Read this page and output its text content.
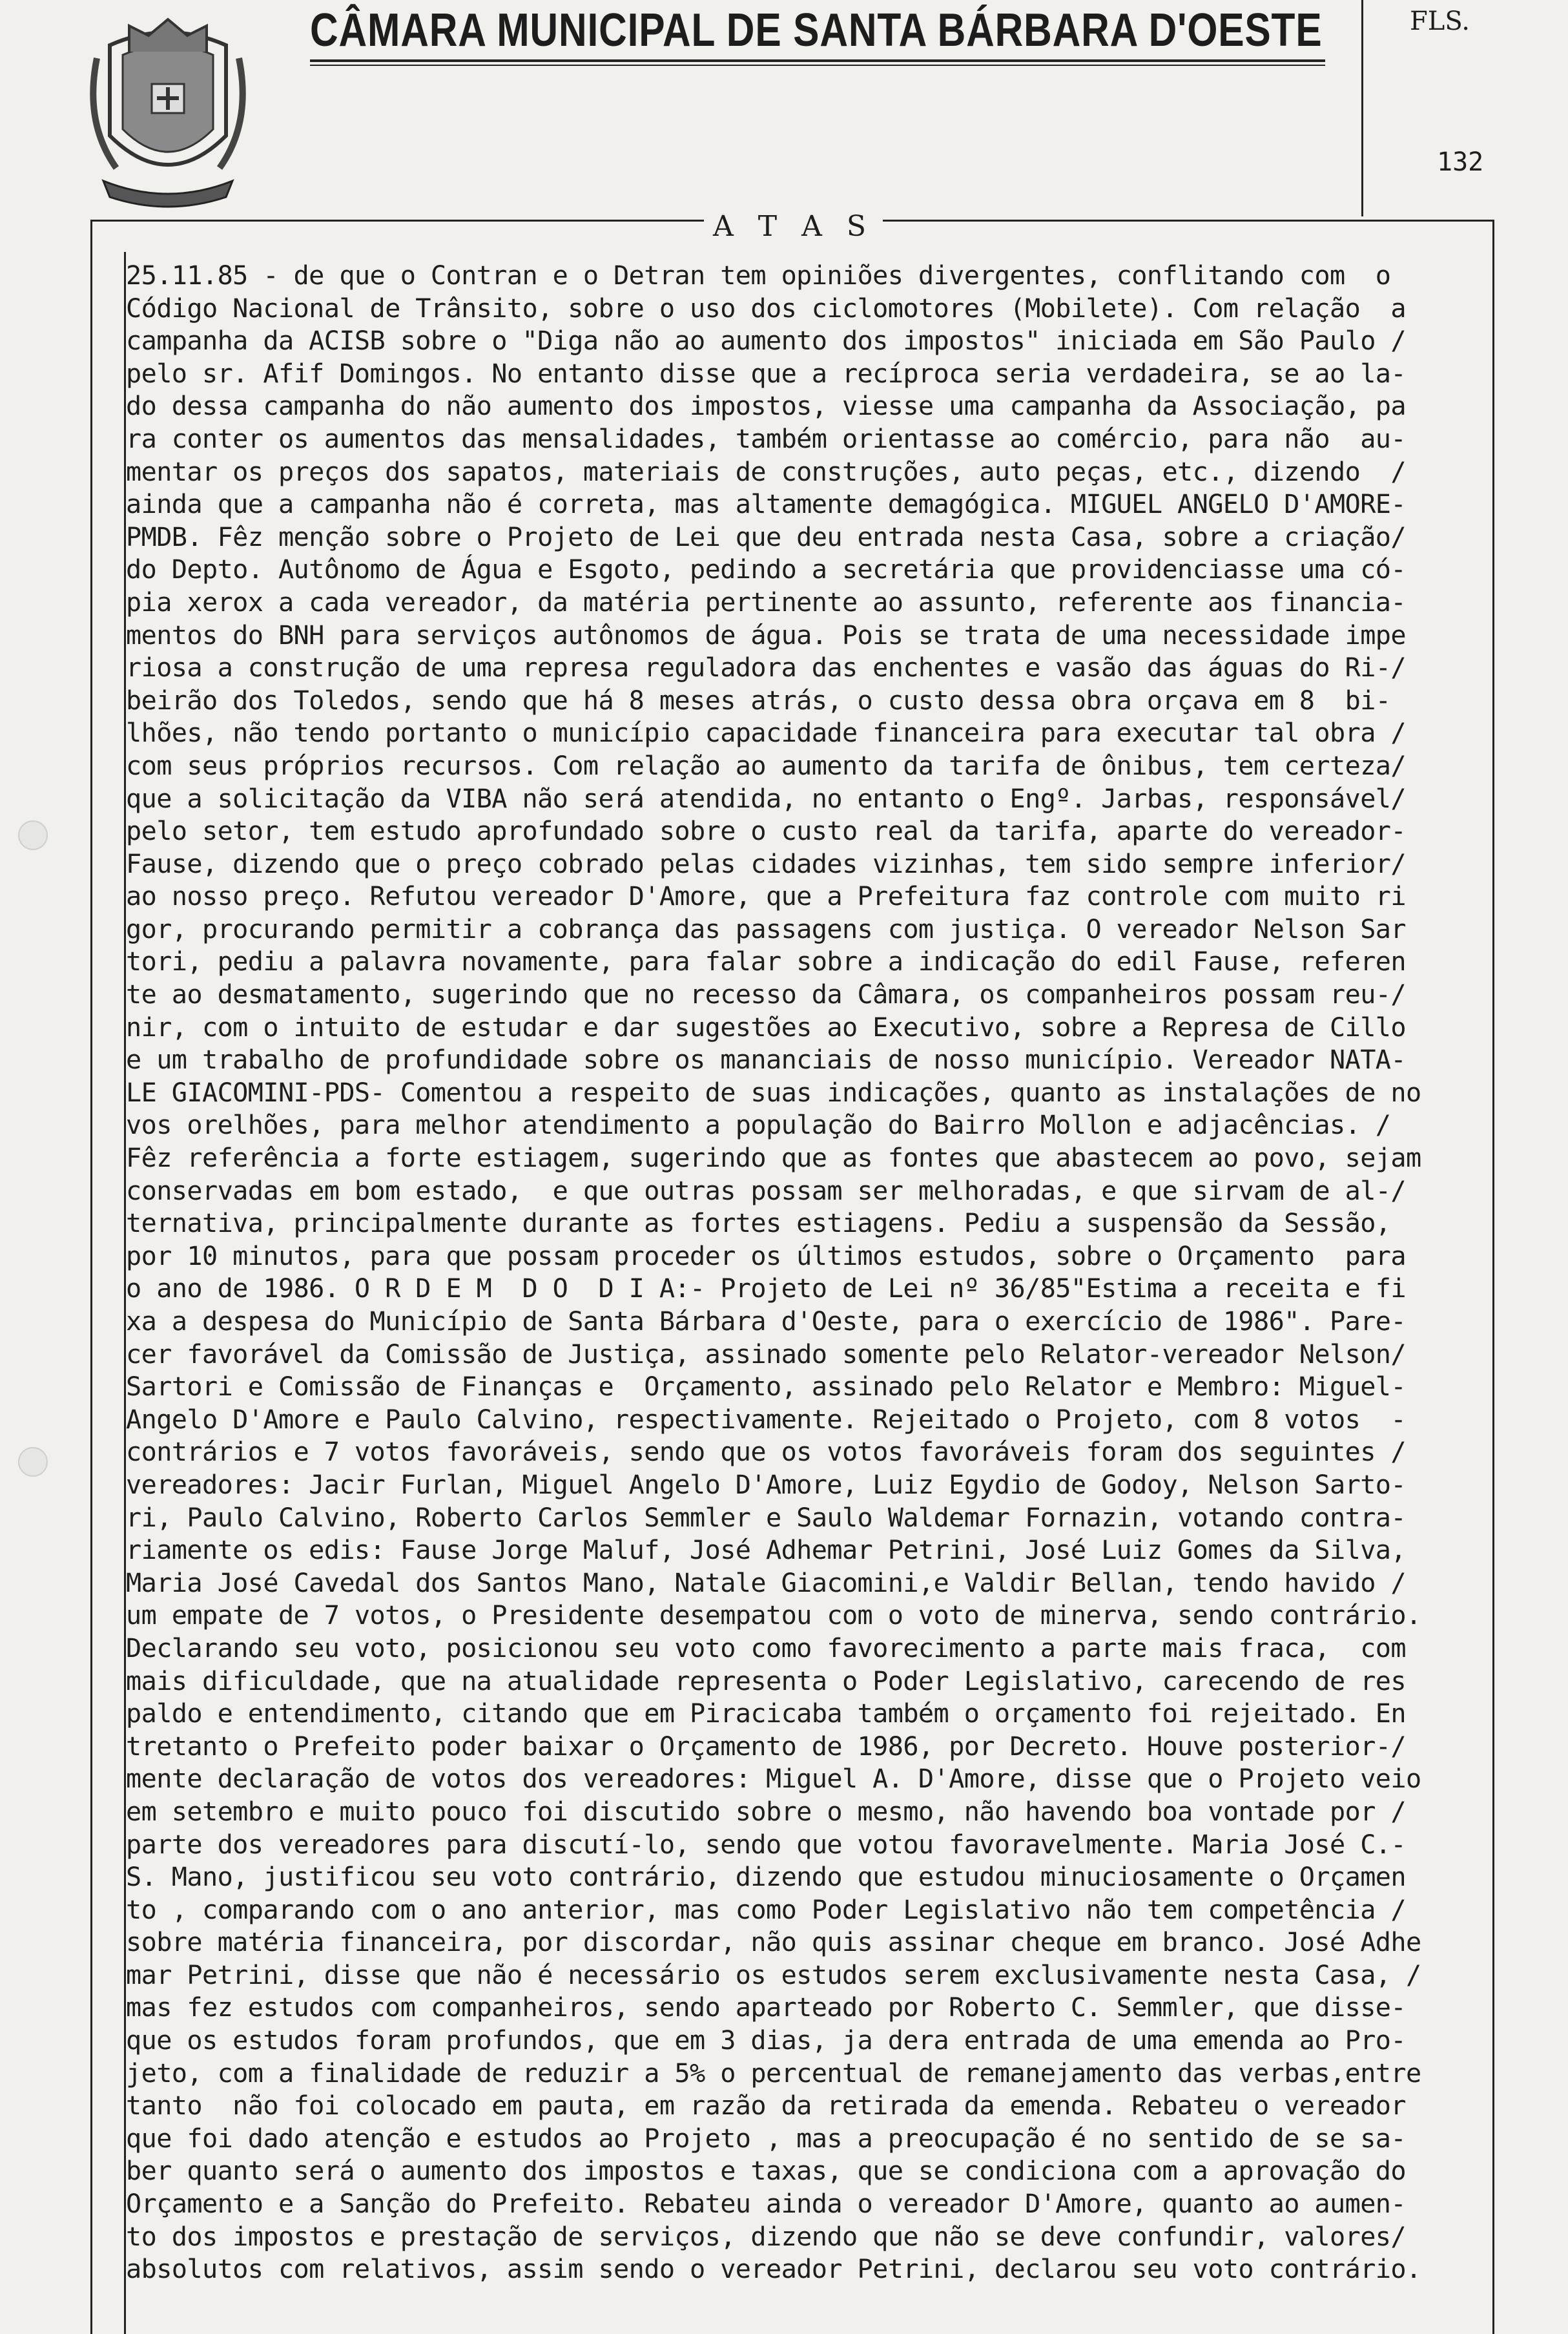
CÂMARA MUNICIPAL DE SANTA BÁRBARA D'OESTE	FLS.
132
A T A S
25.11.85 - de que o Contran e o Detran tem opiniões divergentes, conflitando com  o
Código Nacional de Trânsito, sobre o uso dos ciclomotores (Mobilete). Com relação  a
campanha da ACISB sobre o "Diga não ao aumento dos impostos" iniciada em São Paulo /
pelo sr. Afif Domingos. No entanto disse que a recíproca seria verdadeira, se ao la-
do dessa campanha do não aumento dos impostos, viesse uma campanha da Associação, pa
ra conter os aumentos das mensalidades, também orientasse ao comércio, para não  au-
mentar os preços dos sapatos, materiais de construções, auto peças, etc., dizendo  /
ainda que a campanha não é correta, mas altamente demagógica. MIGUEL ANGELO D'AMORE-
PMDB. Fêz menção sobre o Projeto de Lei que deu entrada nesta Casa, sobre a criação/
do Depto. Autônomo de Água e Esgoto, pedindo a secretária que providenciasse uma có-
pia xerox a cada vereador, da matéria pertinente ao assunto, referente aos financia-
mentos do BNH para serviços autônomos de água. Pois se trata de uma necessidade impe
riosa a construção de uma represa reguladora das enchentes e vasão das águas do Ri-/
beirão dos Toledos, sendo que há 8 meses atrás, o custo dessa obra orçava em 8  bi-
lhões, não tendo portanto o município capacidade financeira para executar tal obra /
com seus próprios recursos. Com relação ao aumento da tarifa de ônibus, tem certeza/
que a solicitação da VIBA não será atendida, no entanto o Engº. Jarbas, responsável/
pelo setor, tem estudo aprofundado sobre o custo real da tarifa, aparte do vereador-
Fause, dizendo que o preço cobrado pelas cidades vizinhas, tem sido sempre inferior/
ao nosso preço. Refutou vereador D'Amore, que a Prefeitura faz controle com muito ri
gor, procurando permitir a cobrança das passagens com justiça. O vereador Nelson Sar
tori, pediu a palavra novamente, para falar sobre a indicação do edil Fause, referen
te ao desmatamento, sugerindo que no recesso da Câmara, os companheiros possam reu-/
nir, com o intuito de estudar e dar sugestões ao Executivo, sobre a Represa de Cillo
e um trabalho de profundidade sobre os mananciais de nosso município. Vereador NATA-
LE GIACOMINI-PDS- Comentou a respeito de suas indicações, quanto as instalações de no
vos orelhões, para melhor atendimento a população do Bairro Mollon e adjacências. /
Fêz referência a forte estiagem, sugerindo que as fontes que abastecem ao povo, sejam
conservadas em bom estado,  e que outras possam ser melhoradas, e que sirvam de al-/
ternativa, principalmente durante as fortes estiagens. Pediu a suspensão da Sessão,
por 10 minutos, para que possam proceder os últimos estudos, sobre o Orçamento  para
o ano de 1986. O R D E M  D O  D I A:- Projeto de Lei nº 36/85"Estima a receita e fi
xa a despesa do Município de Santa Bárbara d'Oeste, para o exercício de 1986". Pare-
cer favorável da Comissão de Justiça, assinado somente pelo Relator-vereador Nelson/
Sartori e Comissão de Finanças e  Orçamento, assinado pelo Relator e Membro: Miguel-
Angelo D'Amore e Paulo Calvino, respectivamente. Rejeitado o Projeto, com 8 votos  -
contrários e 7 votos favoráveis, sendo que os votos favoráveis foram dos seguintes /
vereadores: Jacir Furlan, Miguel Angelo D'Amore, Luiz Egydio de Godoy, Nelson Sarto-
ri, Paulo Calvino, Roberto Carlos Semmler e Saulo Waldemar Fornazin, votando contra-
riamente os edis: Fause Jorge Maluf, José Adhemar Petrini, José Luiz Gomes da Silva,
Maria José Cavedal dos Santos Mano, Natale Giacomini,e Valdir Bellan, tendo havido /
um empate de 7 votos, o Presidente desempatou com o voto de minerva, sendo contrário.
Declarando seu voto, posicionou seu voto como favorecimento a parte mais fraca,  com
mais dificuldade, que na atualidade representa o Poder Legislativo, carecendo de res
paldo e entendimento, citando que em Piracicaba também o orçamento foi rejeitado. En
tretanto o Prefeito poder baixar o Orçamento de 1986, por Decreto. Houve posterior-/
mente declaração de votos dos vereadores: Miguel A. D'Amore, disse que o Projeto veio
em setembro e muito pouco foi discutido sobre o mesmo, não havendo boa vontade por /
parte dos vereadores para discutí-lo, sendo que votou favoravelmente. Maria José C.-
S. Mano, justificou seu voto contrário, dizendo que estudou minuciosamente o Orçamen
to , comparando com o ano anterior, mas como Poder Legislativo não tem competência /
sobre matéria financeira, por discordar, não quis assinar cheque em branco. José Adhe
mar Petrini, disse que não é necessário os estudos serem exclusivamente nesta Casa, /
mas fez estudos com companheiros, sendo aparteado por Roberto C. Semmler, que disse-
que os estudos foram profundos, que em 3 dias, ja dera entrada de uma emenda ao Pro-
jeto, com a finalidade de reduzir a 5% o percentual de remanejamento das verbas,entre
tanto  não foi colocado em pauta, em razão da retirada da emenda. Rebateu o vereador
que foi dado atenção e estudos ao Projeto , mas a preocupação é no sentido de se sa-
ber quanto será o aumento dos impostos e taxas, que se condiciona com a aprovação do
Orçamento e a Sanção do Prefeito. Rebateu ainda o vereador D'Amore, quanto ao aumen-
to dos impostos e prestação de serviços, dizendo que não se deve confundir, valores/
absolutos com relativos, assim sendo o vereador Petrini, declarou seu voto contrário.
